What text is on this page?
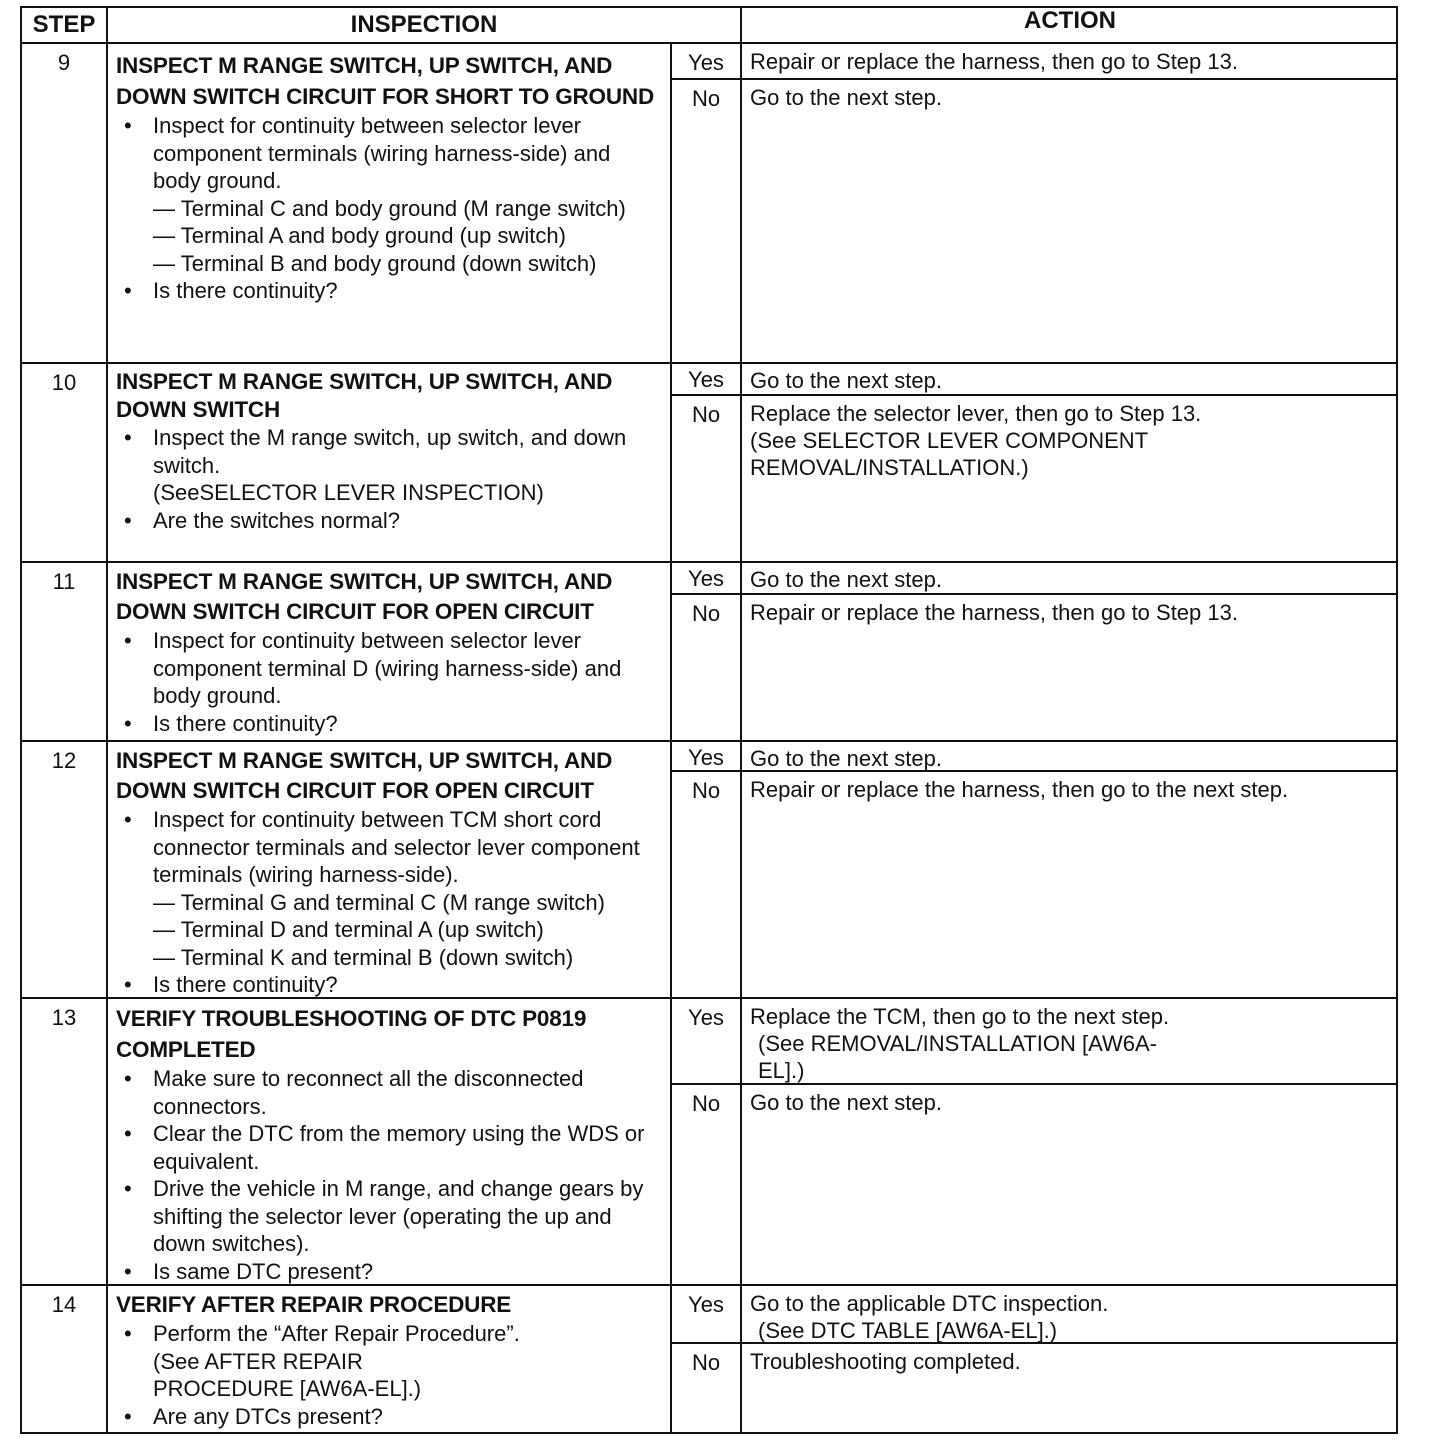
STEP	INSPECTION	ACTION
9	INSPECT M RANGE SWITCH, UP SWITCH, AND DOWN SWITCH CIRCUIT FOR SHORT TO GROUND
• Inspect for continuity between selector lever component terminals (wiring harness-side) and body ground.
— Terminal C and body ground (M range switch)
— Terminal A and body ground (up switch)
— Terminal B and body ground (down switch)
• Is there continuity?
Yes	Repair or replace the harness, then go to Step 13.
No	Go to the next step.
10	INSPECT M RANGE SWITCH, UP SWITCH, AND DOWN SWITCH
• Inspect the M range switch, up switch, and down switch.
(SeeSELECTOR LEVER INSPECTION)
• Are the switches normal?
Yes	Go to the next step.
No	Replace the selector lever, then go to Step 13.
(See SELECTOR LEVER COMPONENT REMOVAL/INSTALLATION.)
11	INSPECT M RANGE SWITCH, UP SWITCH, AND DOWN SWITCH CIRCUIT FOR OPEN CIRCUIT
• Inspect for continuity between selector lever component terminal D (wiring harness-side) and body ground.
• Is there continuity?
Yes	Go to the next step.
No	Repair or replace the harness, then go to Step 13.
12	INSPECT M RANGE SWITCH, UP SWITCH, AND DOWN SWITCH CIRCUIT FOR OPEN CIRCUIT
• Inspect for continuity between TCM short cord connector terminals and selector lever component terminals (wiring harness-side).
— Terminal G and terminal C (M range switch)
— Terminal D and terminal A (up switch)
— Terminal K and terminal B (down switch)
• Is there continuity?
Yes	Go to the next step.
No	Repair or replace the harness, then go to the next step.
13	VERIFY TROUBLESHOOTING OF DTC P0819 COMPLETED
• Make sure to reconnect all the disconnected connectors.
• Clear the DTC from the memory using the WDS or equivalent.
• Drive the vehicle in M range, and change gears by shifting the selector lever (operating the up and down switches).
• Is same DTC present?
Yes	Replace the TCM, then go to the next step.
(See REMOVAL/INSTALLATION [AW6A-EL].)
No	Go to the next step.
14	VERIFY AFTER REPAIR PROCEDURE
• Perform the “After Repair Procedure”.
(See AFTER REPAIR PROCEDURE [AW6A-EL].)
• Are any DTCs present?
Yes	Go to the applicable DTC inspection.
(See DTC TABLE [AW6A-EL].)
No	Troubleshooting completed.
